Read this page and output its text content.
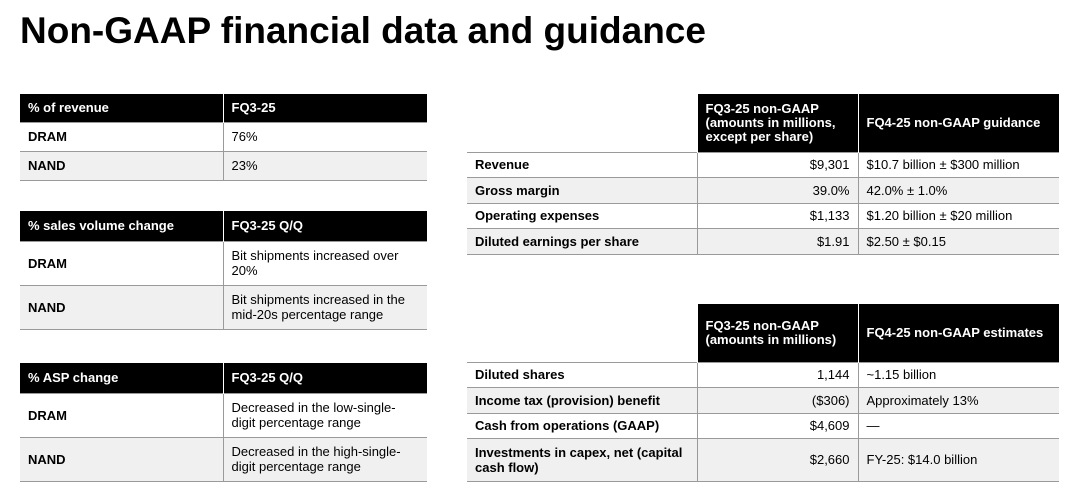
Non-GAAP financial data and guidance
% of revenue	FQ3-25
DRAM	76%
NAND	23%
% sales volume change	FQ3-25 Q/Q
DRAM	Bit shipments increased over 20%
NAND	Bit shipments increased in the mid-20s percentage range
% ASP change	FQ3-25 Q/Q
DRAM	Decreased in the low-single-digit percentage range
NAND	Decreased in the high-single-digit percentage range
	FQ3-25 non-GAAP (amounts in millions, except per share)	FQ4-25 non-GAAP guidance
Revenue	$9,301	$10.7 billion ± $300 million
Gross margin	39.0%	42.0% ± 1.0%
Operating expenses	$1,133	$1.20 billion ± $20 million
Diluted earnings per share	$1.91	$2.50 ± $0.15
	FQ3-25 non-GAAP (amounts in millions)	FQ4-25 non-GAAP estimates
Diluted shares	1,144	~1.15 billion
Income tax (provision) benefit	($306)	Approximately 13%
Cash from operations (GAAP)	$4,609	—
Investments in capex, net (capital cash flow)	$2,660	FY-25: $14.0 billion
